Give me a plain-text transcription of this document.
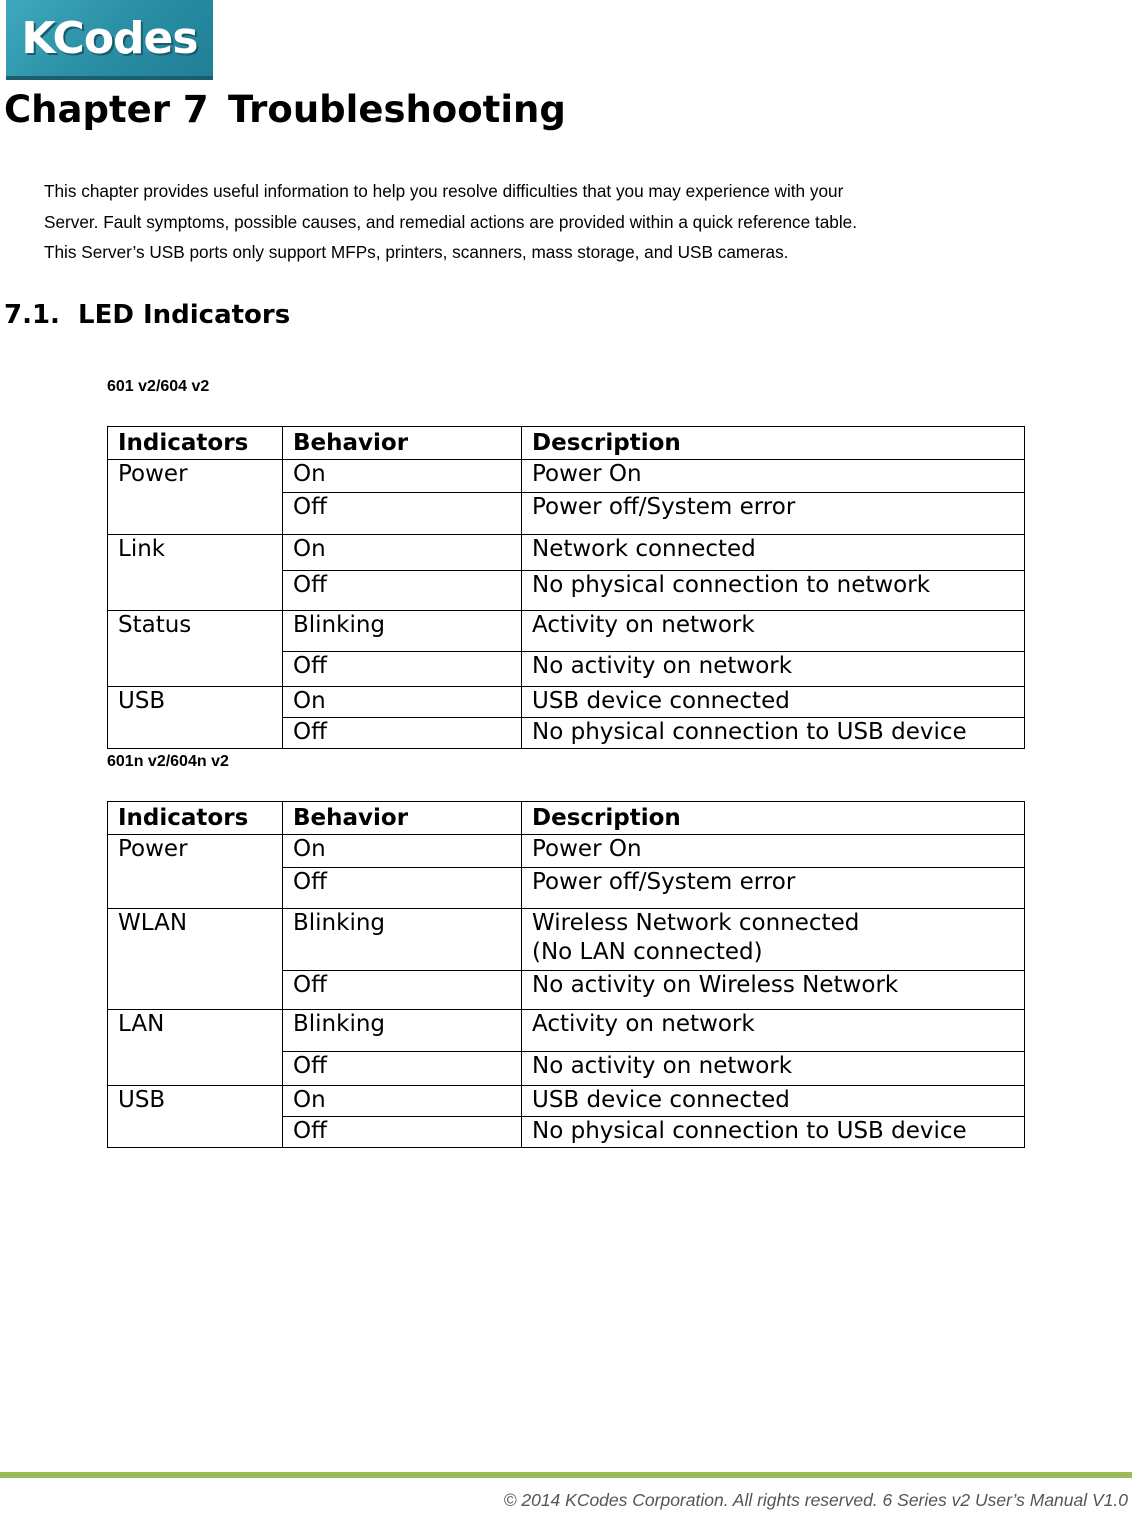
KCodes
Chapter 7 Troubleshooting
This chapter provides useful information to help you resolve difficulties that you may experience with your
Server. Fault symptoms, possible causes, and remedial actions are provided within a quick reference table.
This Server’s USB ports only support MFPs, printers, scanners, mass storage, and USB cameras.
7.1. LED Indicators
601 v2/604 v2
Indicators	Behavior	Description
Power	On	Power On
	Off	Power off/System error
Link	On	Network connected
	Off	No physical connection to network
Status	Blinking	Activity on network
	Off	No activity on network
USB	On	USB device connected
	Off	No physical connection to USB device
601n v2/604n v2
Indicators	Behavior	Description
Power	On	Power On
	Off	Power off/System error
WLAN	Blinking	Wireless Network connected
(No LAN connected)

	Off	No activity on Wireless Network
LAN	Blinking	Activity on network
	Off	No activity on network
USB	On	USB device connected
	Off	No physical connection to USB device
© 2014 KCodes Corporation. All rights reserved. 6 Series v2 User’s Manual V1.0
